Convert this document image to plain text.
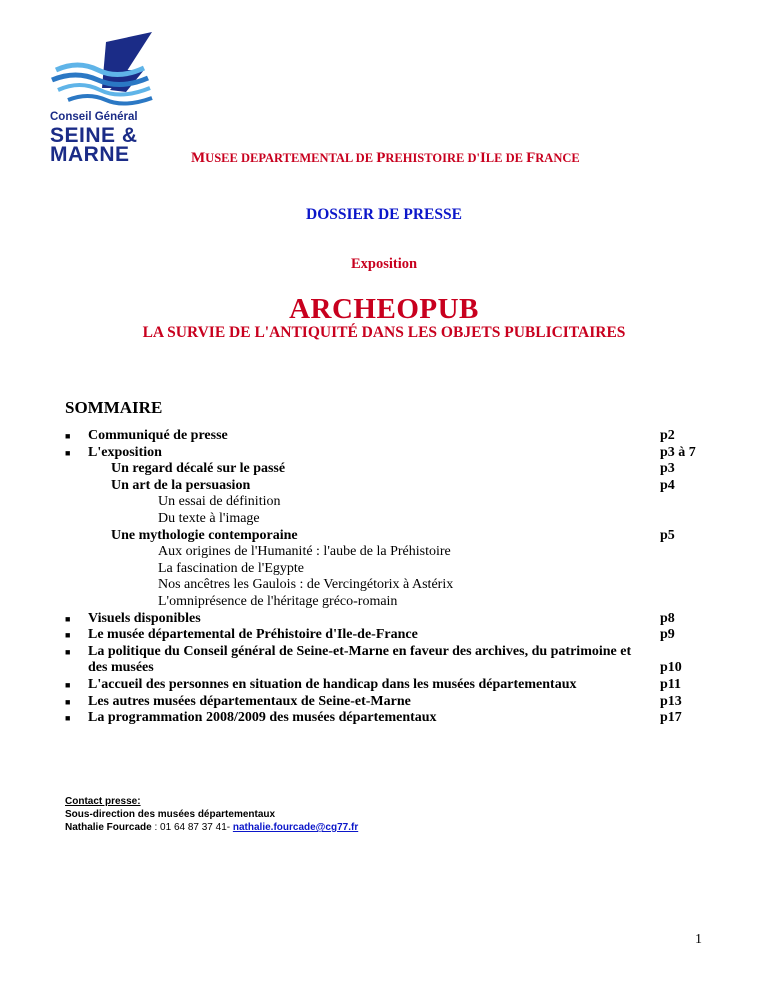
Conseil Général
SEINE &
MARNE	MUSEE DEPARTEMENTAL DE PREHISTOIRE D'ILE DE FRANCE
DOSSIER DE PRESSE
Exposition
ARCHEOPUB
LA SURVIE DE L'ANTIQUITÉ DANS LES OBJETS PUBLICITAIRES
SOMMAIRE
■ Communiqué de presse	p2
■ L'exposition	p3 à 7
Un regard décalé sur le passé	p3
Un art de la persuasion	p4
Un essai de définition
Du texte à l'image
Une mythologie contemporaine	p5
Aux origines de l'Humanité : l'aube de la Préhistoire
La fascination de l'Egypte
Nos ancêtres les Gaulois : de Vercingétorix à Astérix
L'omniprésence de l'héritage gréco-romain
■ Visuels disponibles	p8
■ Le musée départemental de Préhistoire d'Ile-de-France	p9
■ La politique du Conseil général de Seine-et-Marne en faveur des archives, du patrimoine et
des musées	p10
■ L'accueil des personnes en situation de handicap dans les musées départementaux	p11
■ Les autres musées départementaux de Seine-et-Marne	p13
■ La programmation 2008/2009 des musées départementaux	p17
Contact presse:
Sous-direction des musées départementaux
Nathalie Fourcade : 01 64 87 37 41- nathalie.fourcade@cg77.fr
1
